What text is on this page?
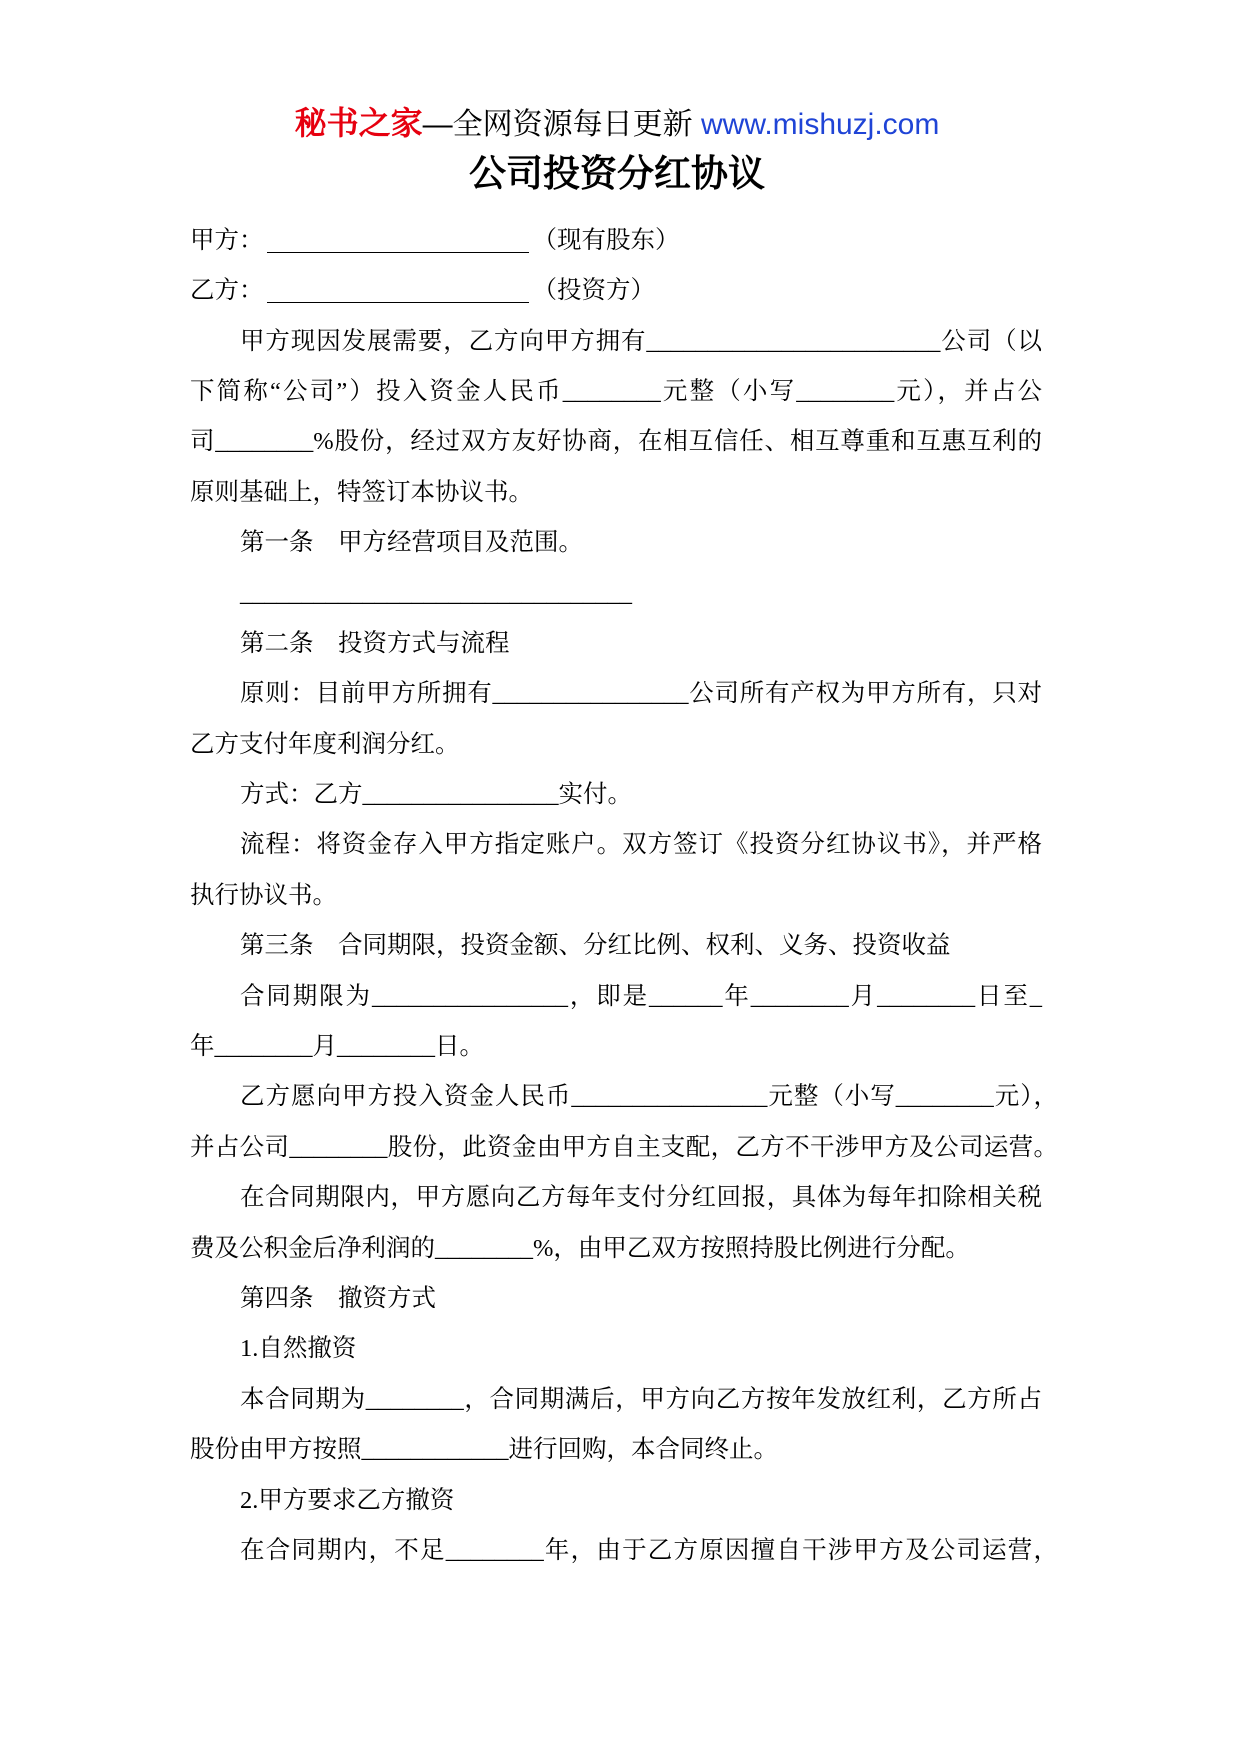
秘书之家—全网资源每日更新 www.mishuzj.com
公司投资分红协议
甲方：	（现有股东）
乙方：	（投资方）
甲方现因发展需要，乙方向甲方拥有________________________公司（以
下简称“公司”）投入资金人民币________元整（小写________元），并占公
司________%股份，经过双方友好协商，在相互信任、相互尊重和互惠互利的
原则基础上，特签订本协议书。
第一条　甲方经营项目及范围。
________________________________
第二条　投资方式与流程
原则：目前甲方所拥有________________公司所有产权为甲方所有，只对
乙方支付年度利润分红。
方式：乙方________________实付。
流程：将资金存入甲方指定账户。双方签订《投资分红协议书》，并严格
执行协议书。
第三条　合同期限，投资金额、分红比例、权利、义务、投资收益
合同期限为________________，即是______年________月________日至_
年________月________日。
乙方愿向甲方投入资金人民币________________元整（小写________元），
并占公司________股份，此资金由甲方自主支配，乙方不干涉甲方及公司运营。
在合同期限内，甲方愿向乙方每年支付分红回报，具体为每年扣除相关税
费及公积金后净利润的________%，由甲乙双方按照持股比例进行分配。
第四条　撤资方式
1.自然撤资
本合同期为________，合同期满后，甲方向乙方按年发放红利，乙方所占
股份由甲方按照____________进行回购，本合同终止。
2.甲方要求乙方撤资
在合同期内，不足________年，由于乙方原因擅自干涉甲方及公司运营，
